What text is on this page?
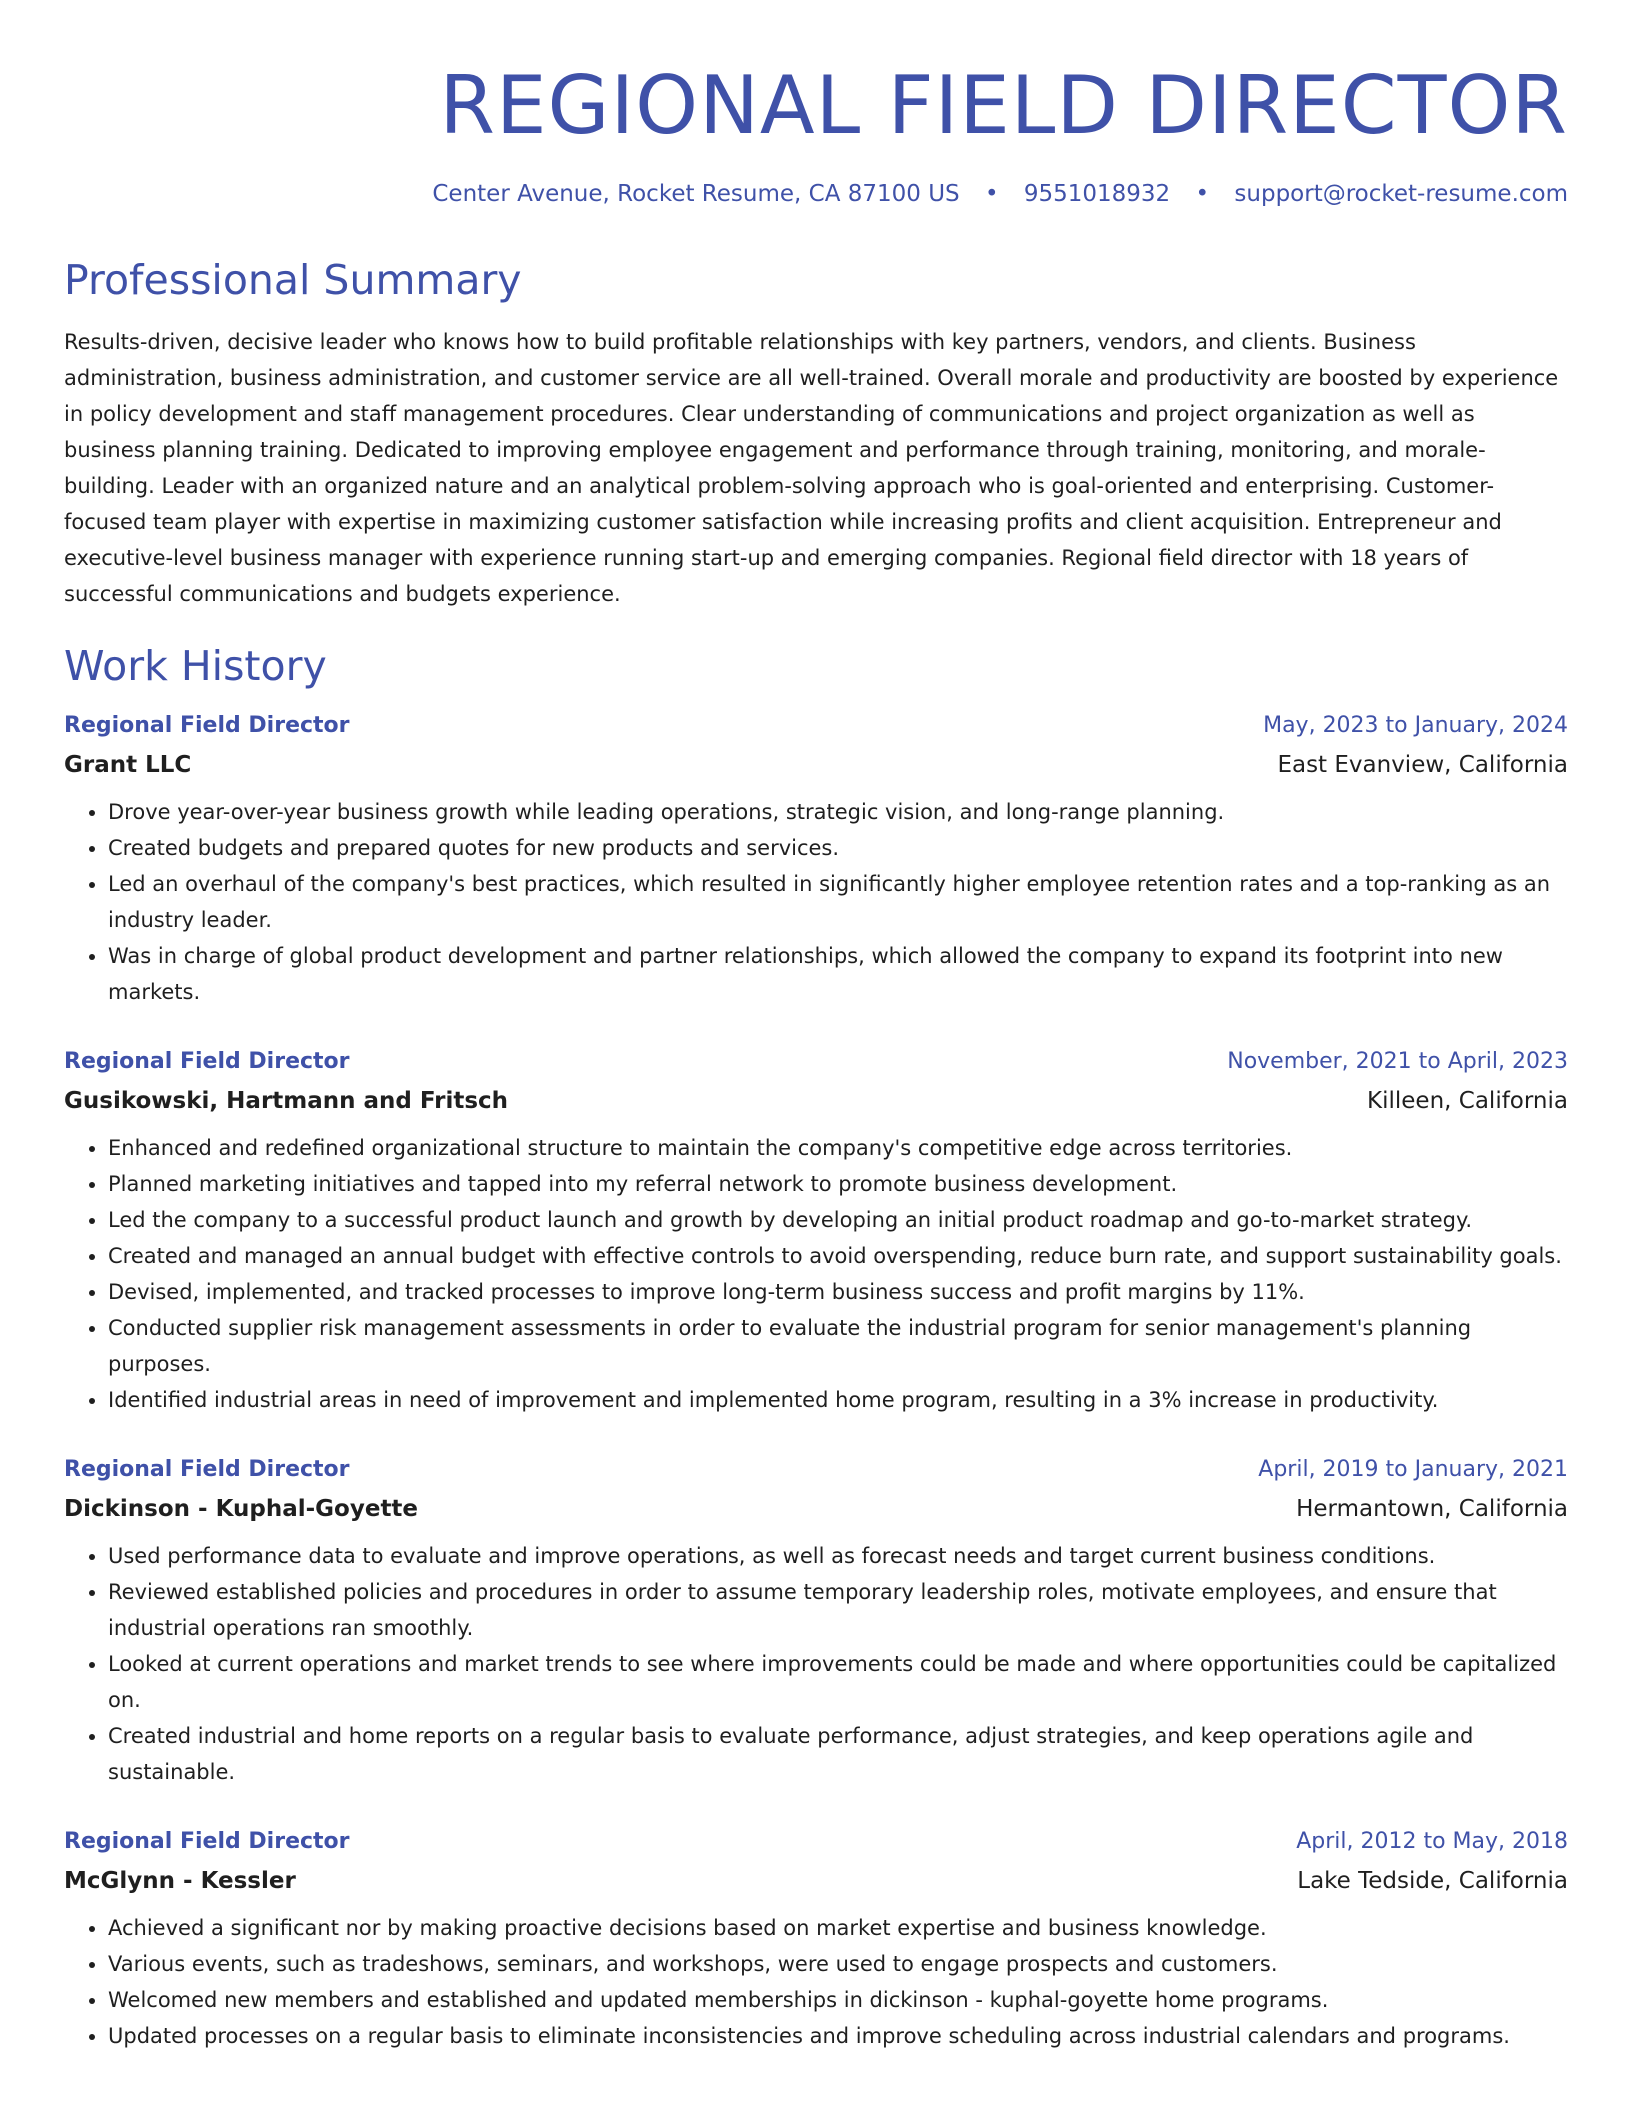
REGIONAL FIELD DIRECTOR
Center Avenue, Rocket Resume, CA 87100 US • 9551018932 • support@rocket-resume.com
Professional Summary
Results-driven, decisive leader who knows how to build profitable relationships with key partners, vendors, and clients. Business administration, business administration, and customer service are all well-trained. Overall morale and productivity are boosted by experience in policy development and staff management procedures. Clear understanding of communications and project organization as well as business planning training. Dedicated to improving employee engagement and performance through training, monitoring, and morale-building. Leader with an organized nature and an analytical problem-solving approach who is goal-oriented and enterprising. Customer-focused team player with expertise in maximizing customer satisfaction while increasing profits and client acquisition. Entrepreneur and executive-level business manager with experience running start-up and emerging companies. Regional field director with 18 years of successful communications and budgets experience.
Work History
Regional Field Director	May, 2023 to January, 2024
Grant LLC	East Evanview, California
• Drove year-over-year business growth while leading operations, strategic vision, and long-range planning.
• Created budgets and prepared quotes for new products and services.
• Led an overhaul of the company's best practices, which resulted in significantly higher employee retention rates and a top-ranking as an industry leader.
• Was in charge of global product development and partner relationships, which allowed the company to expand its footprint into new markets.
Regional Field Director	November, 2021 to April, 2023
Gusikowski, Hartmann and Fritsch	Killeen, California
• Enhanced and redefined organizational structure to maintain the company's competitive edge across territories.
• Planned marketing initiatives and tapped into my referral network to promote business development.
• Led the company to a successful product launch and growth by developing an initial product roadmap and go-to-market strategy.
• Created and managed an annual budget with effective controls to avoid overspending, reduce burn rate, and support sustainability goals.
• Devised, implemented, and tracked processes to improve long-term business success and profit margins by 11%.
• Conducted supplier risk management assessments in order to evaluate the industrial program for senior management's planning purposes.
• Identified industrial areas in need of improvement and implemented home program, resulting in a 3% increase in productivity.
Regional Field Director	April, 2019 to January, 2021
Dickinson - Kuphal-Goyette	Hermantown, California
• Used performance data to evaluate and improve operations, as well as forecast needs and target current business conditions.
• Reviewed established policies and procedures in order to assume temporary leadership roles, motivate employees, and ensure that industrial operations ran smoothly.
• Looked at current operations and market trends to see where improvements could be made and where opportunities could be capitalized on.
• Created industrial and home reports on a regular basis to evaluate performance, adjust strategies, and keep operations agile and sustainable.
Regional Field Director	April, 2012 to May, 2018
McGlynn - Kessler	Lake Tedside, California
• Achieved a significant nor by making proactive decisions based on market expertise and business knowledge.
• Various events, such as tradeshows, seminars, and workshops, were used to engage prospects and customers.
• Welcomed new members and established and updated memberships in dickinson - kuphal-goyette home programs.
• Updated processes on a regular basis to eliminate inconsistencies and improve scheduling across industrial calendars and programs.
